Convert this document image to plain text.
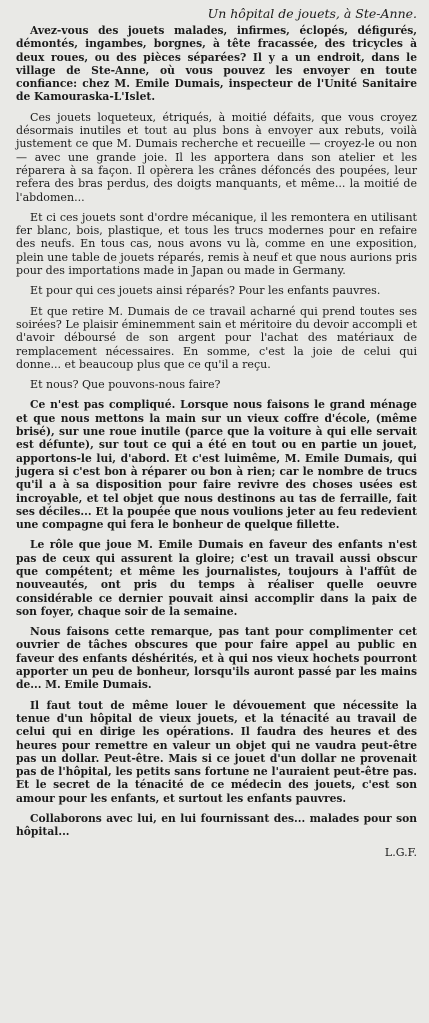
Un hôpital de jouets, à Ste-Anne.

Avez-vous des jouets malades, infirmes, éclopés, défigurés, démontés, ingambes, borgnes, à tête fracassée, des tricycles à deux roues, ou des pièces séparées? Il y a un endroit, dans le village de Ste-Anne, où vous pouvez les envoyer en toute confiance: chez M. Emile Dumais, inspecteur de l'Unité Sanitaire de Kamouraska-L'Islet.

Ces jouets loqueteux, étriqués, à moitié défaits, que vous croyez désormais inutiles et tout au plus bons à envoyer aux rebuts, voilà justement ce que M. Dumais recherche et recueille — croyez-le ou non — avec une grande joie. Il les apportera dans son atelier et les réparera à sa façon. Il opèrera les crânes défoncés des poupées, leur refera des bras perdus, des doigts manquants, et même... la moitié de l'abdomen...

Et ci ces jouets sont d'ordre mécanique, il les remontera en utilisant fer blanc, bois, plastique, et tous les trucs modernes pour en refaire des neufs. En tous cas, nous avons vu là, comme en une exposition, plein une table de jouets réparés, remis à neuf et que nous aurions pris pour des importations made in Japan ou made in Germany.

Et pour qui ces jouets ainsi réparés? Pour les enfants pauvres.

Et que retire M. Dumais de ce travail acharné qui prend toutes ses soirées? Le plaisir éminemment sain et méritoire du devoir accompli et d'avoir déboursé de son argent pour l'achat des matériaux de remplacement nécessaires. En somme, c'est la joie de celui qui donne... et beaucoup plus que ce qu'il a reçu.

Et nous? Que pouvons-nous faire?

Ce n'est pas compliqué. Lorsque nous faisons le grand ménage et que nous mettons la main sur un vieux coffre d'école, (même brisé), sur une roue inutile (parce que la voiture à qui elle servait est défunte), sur tout ce qui a été en tout ou en partie un jouet, apportons-le lui, d'abord. Et c'est luimême, M. Emile Dumais, qui jugera si c'est bon à réparer ou bon à rien; car le nombre de trucs qu'il a à sa disposition pour faire revivre des choses usées est incroyable, et tel objet que nous destinons au tas de ferraille, fait ses déciles... Et la poupée que nous voulions jeter au feu redevient une compagne qui fera le bonheur de quelque fillette.

Le rôle que joue M. Emile Dumais en faveur des enfants n'est pas de ceux qui assurent la gloire; c'est un travail aussi obscur que compétent; et même les journalistes, toujours à l'affût de nouveautés, ont pris du temps à réaliser quelle oeuvre considérable ce dernier pouvait ainsi accomplir dans la paix de son foyer, chaque soir de la semaine.

Nous faisons cette remarque, pas tant pour complimenter cet ouvrier de tâches obscures que pour faire appel au public en faveur des enfants déshérités, et à qui nos vieux hochets pourront apporter un peu de bonheur, lorsqu'ils auront passé par les mains de... M. Emile Dumais.

Il faut tout de même louer le dévouement que nécessite la tenue d'un hôpital de vieux jouets, et la ténacité au travail de celui qui en dirige les opérations. Il faudra des heures et des heures pour remettre en valeur un objet qui ne vaudra peut-être pas un dollar. Peut-être. Mais si ce jouet d'un dollar ne provenait pas de l'hôpital, les petits sans fortune ne l'auraient peut-être pas. Et le secret de la ténacité de ce médecin des jouets, c'est son amour pour les enfants, et surtout les enfants pauvres.

Collaborons avec lui, en lui fournissant des... malades pour son hôpital...

L.G.F.
